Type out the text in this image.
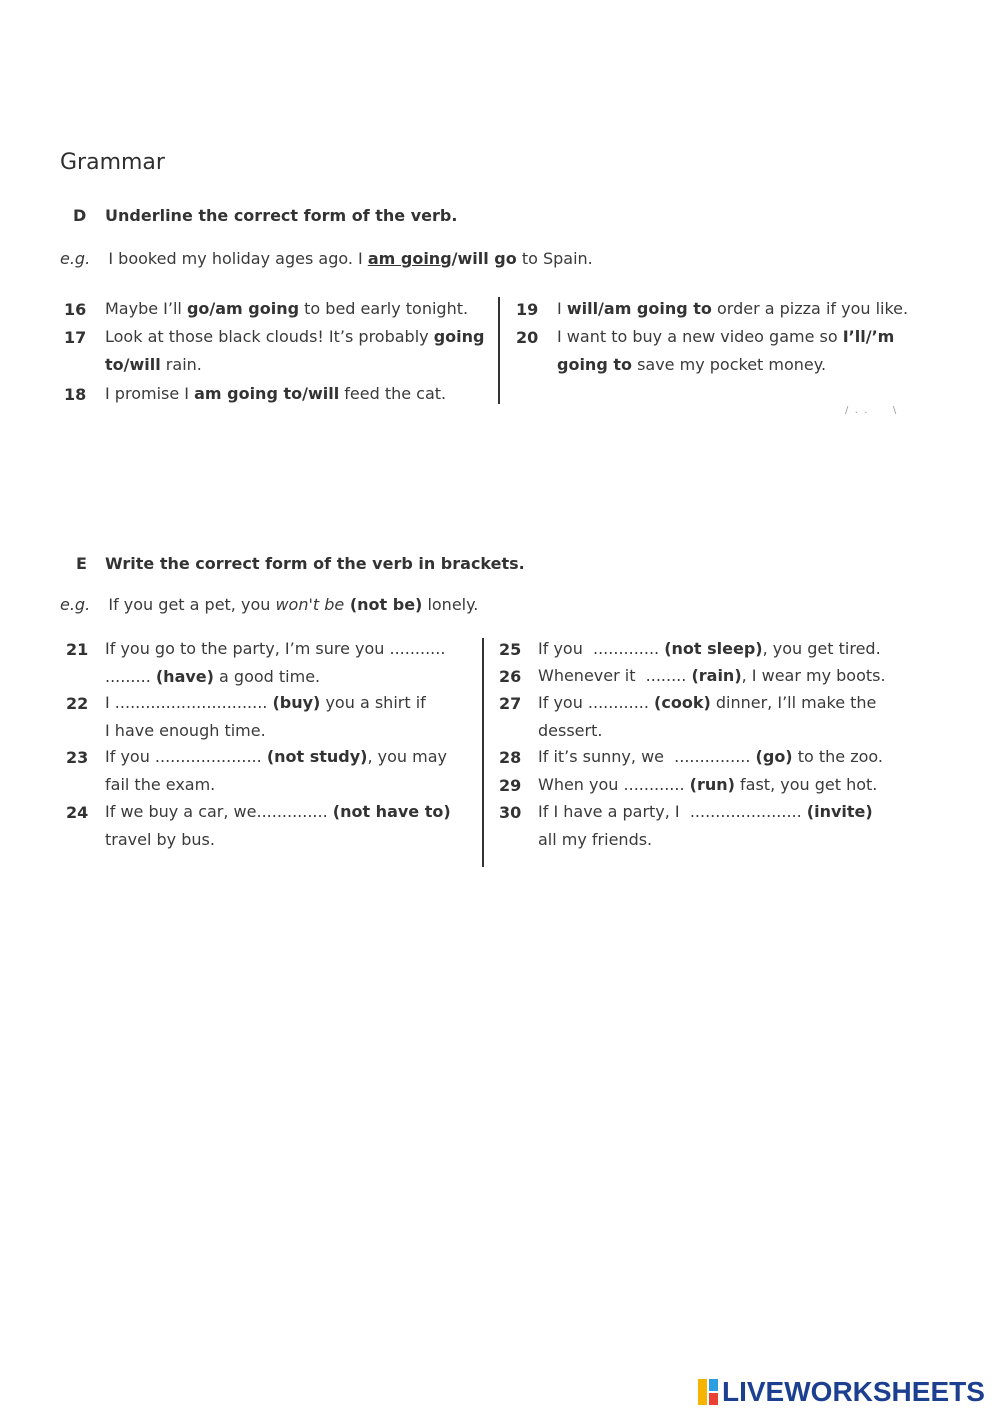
Grammar
D Underline the correct form of the verb.
e.g. I booked my holiday ages ago. I am going/will go to Spain.
16 Maybe I’ll go/am going to bed early tonight.
17 Look at those black clouds! It’s probably going
to/will rain.
18 I promise I am going to/will feed the cat.
19 I will/am going to order a pizza if you like.
20 I want to buy a new video game so I’ll/’m
going to save my pocket money.
/  .  .        \
E Write the correct form of the verb in brackets.
e.g. If you get a pet, you won't be (not be) lonely.
21 If you go to the party, I’m sure you ...........
......... (have) a good time.
22 I .............................. (buy) you a shirt if
I have enough time.
23 If you ..................... (not study), you may
fail the exam.
24 If we buy a car, we.............. (not have to)
travel by bus.
25 If you  ............. (not sleep), you get tired.
26 Whenever it  ........ (rain), I wear my boots.
27 If you ............ (cook) dinner, I’ll make the
dessert.
28 If it’s sunny, we  ............... (go) to the zoo.
29 When you ............ (run) fast, you get hot.
30 If I have a party, I  ...................... (invite)
all my friends.
LIVEWORKSHEETS
